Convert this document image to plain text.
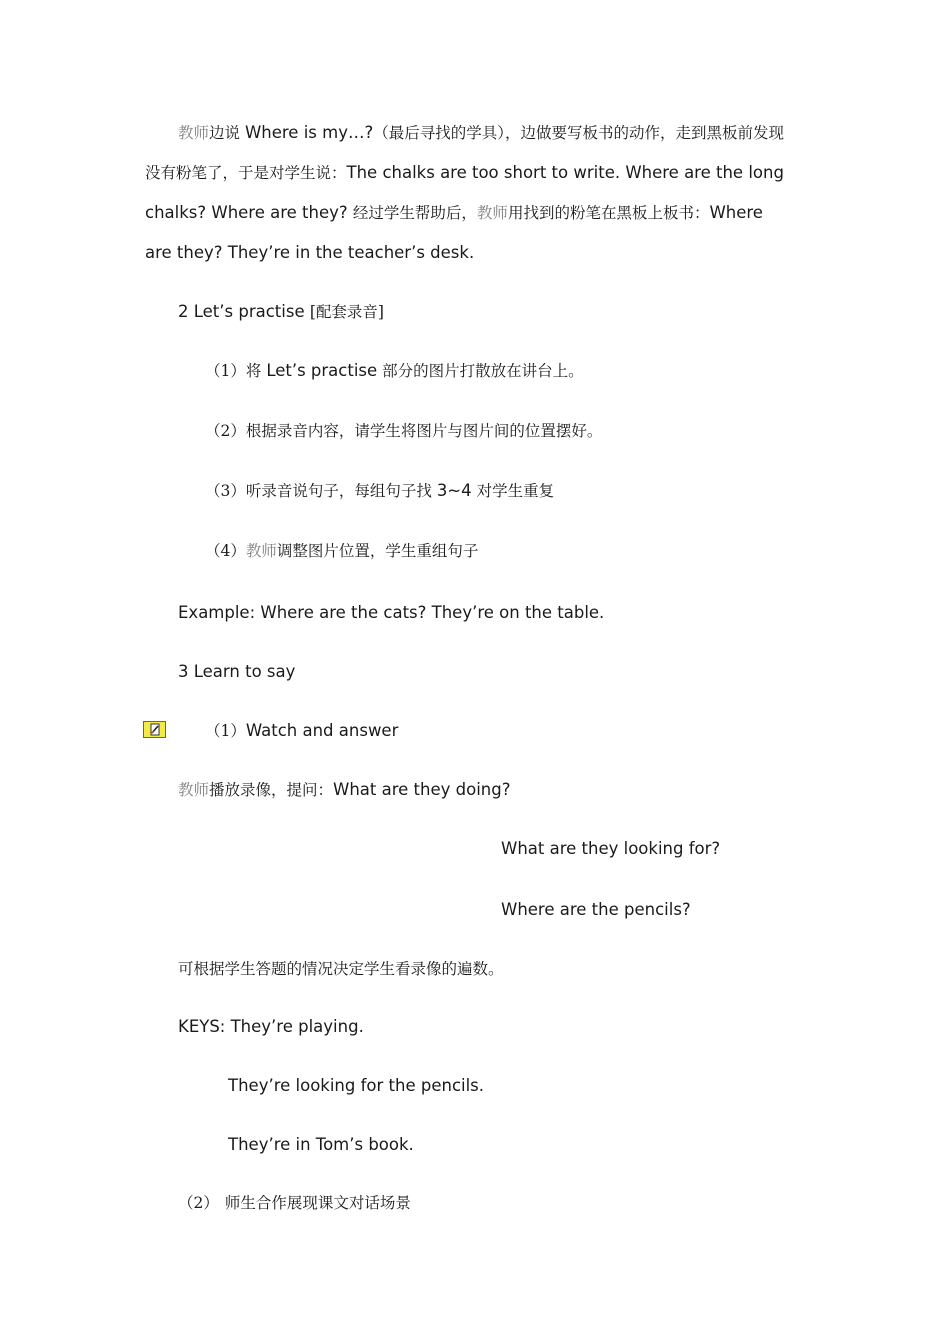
教师边说 Where is my…?（最后寻找的学具），边做要写板书的动作，走到黑板前发现
没有粉笔了，于是对学生说：The chalks are too short to write. Where are the long
chalks? Where are they? 经过学生帮助后，教师用找到的粉笔在黑板上板书：Where
are they? They’re in the teacher’s desk.
2 Let’s practise [配套录音]
（1）将 Let’s practise 部分的图片打散放在讲台上。
（2）根据录音内容，请学生将图片与图片间的位置摆好。
（3）听录音说句子，每组句子找 3~4 对学生重复
（4）教师调整图片位置，学生重组句子
Example: Where are the cats? They’re on the table.
3 Learn to say
（1）Watch and answer
教师播放录像，提问：What are they doing?
What are they looking for?
Where are the pencils?
可根据学生答题的情况决定学生看录像的遍数。
KEYS: They’re playing.
They’re looking for the pencils.
They’re in Tom’s book.
（2） 师生合作展现课文对话场景
